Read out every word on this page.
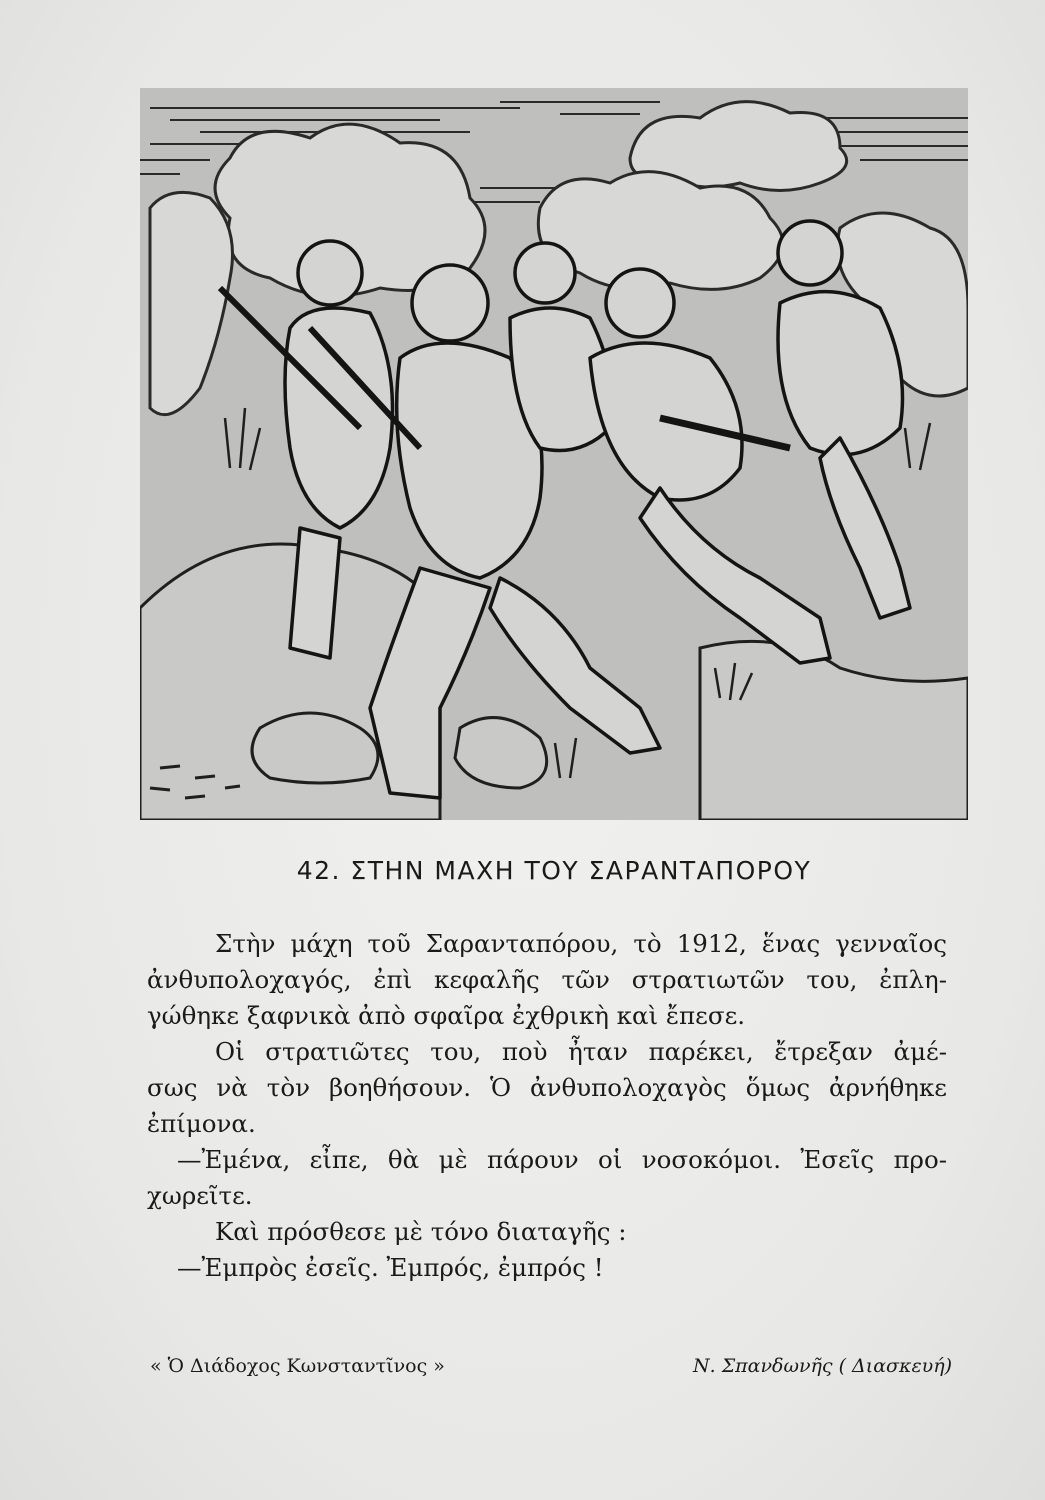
42. ΣΤΗΝ ΜΑΧΗ ΤΟΥ ΣΑΡΑΝΤΑΠΟΡΟΥ
Στὴν μάχη τοῦ Σαρανταπόρου, τὸ 1912, ἕνας γενναῖος
ἀνθυπολοχαγός, ἐπὶ κεφαλῆς τῶν στρατιωτῶν του, ἐπλη-
γώθηκε ξαφνικὰ ἀπὸ σφαῖρα ἐχθρικὴ καὶ ἔπεσε.
Οἱ στρατιῶτες του, ποὺ ἦταν παρέκει, ἔτρεξαν ἀμέ-
σως νὰ τὸν βοηθήσουν. Ὁ ἀνθυπολοχαγὸς ὅμως ἀρνήθηκε
ἐπίμονα.
—Ἐμένα, εἶπε, θὰ μὲ πάρουν οἱ νοσοκόμοι. Ἐσεῖς προ-
χωρεῖτε.
Καὶ πρόσθεσε μὲ τόνο διαταγῆς :
—Ἐμπρὸς ἐσεῖς. Ἐμπρός, ἐμπρός !
« Ὁ Διάδοχος Κωνσταντῖνος »	Ν. Σπανδωνῆς ( Διασκευή)
